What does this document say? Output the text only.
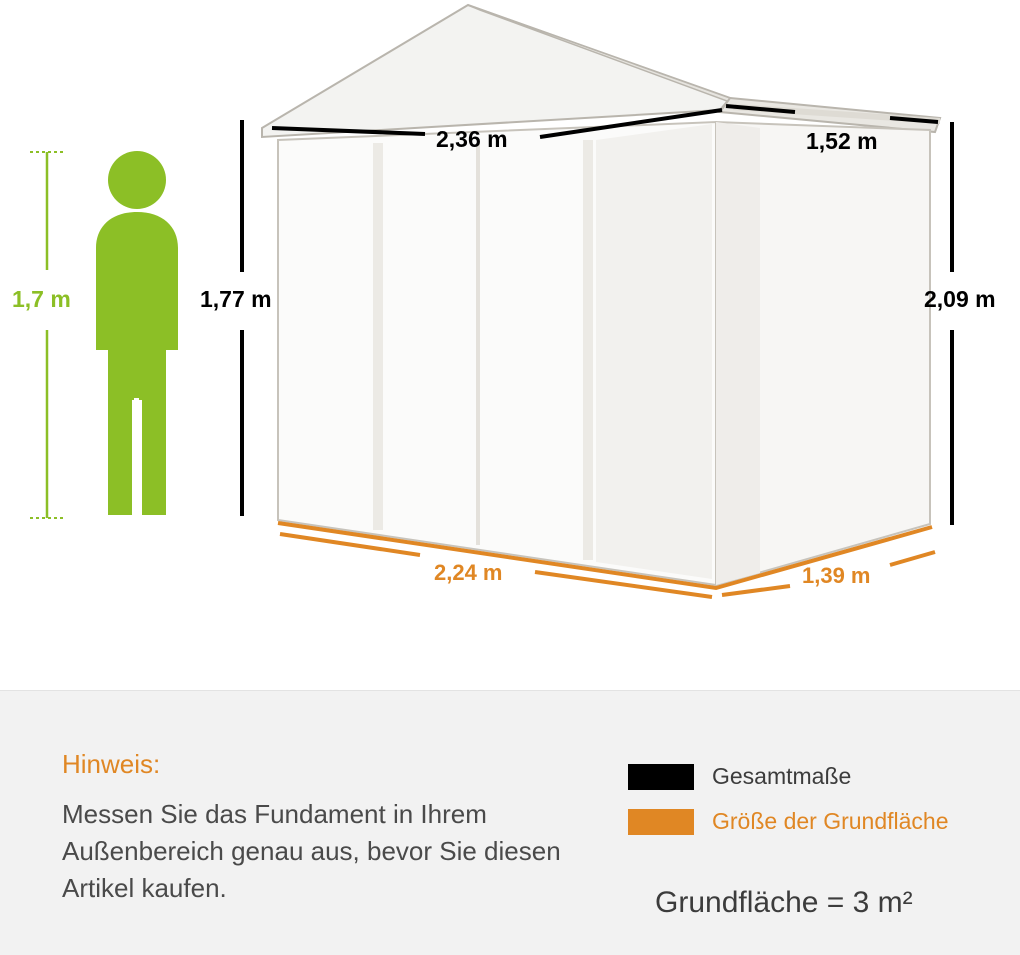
1,7 m	1,77 m
2,36 m	1,52 m
2,09 m
2,24 m	1,39 m

Hinweis:

Messen Sie das Fundament in Ihrem Außenbereich genau aus, bevor Sie diesen Artikel kaufen.

Gesamtmaße
Größe der Grundfläche
Grundfläche = 3 m²
